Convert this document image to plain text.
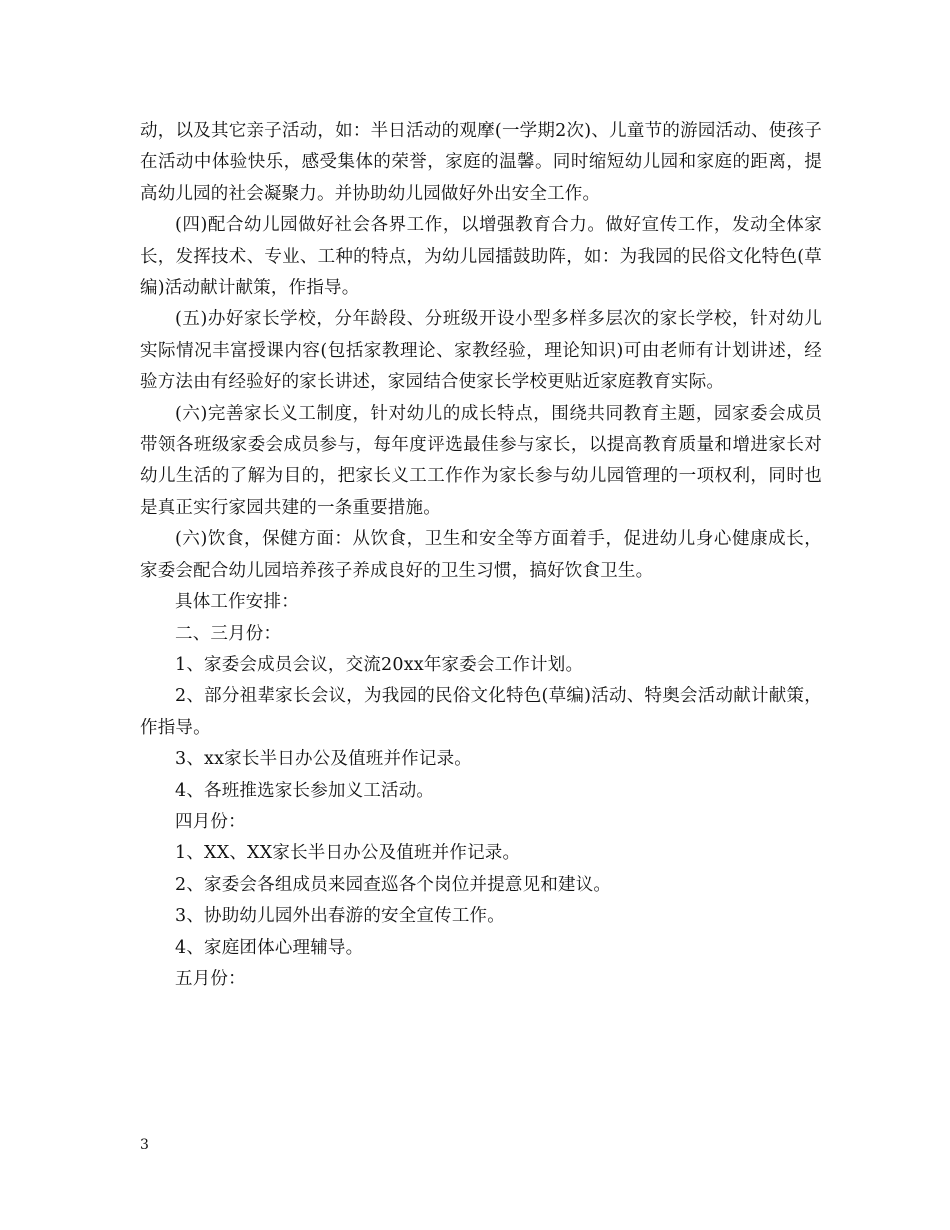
动，以及其它亲子活动，如：半日活动的观摩(一学期2次)、儿童节的游园活动、使孩子在活动中体验快乐，感受集体的荣誉，家庭的温馨。同时缩短幼儿园和家庭的距离，提高幼儿园的社会凝聚力。并协助幼儿园做好外出安全工作。

(四)配合幼儿园做好社会各界工作，以增强教育合力。做好宣传工作，发动全体家长，发挥技术、专业、工种的特点，为幼儿园擂鼓助阵，如：为我园的民俗文化特色(草编)活动献计献策，作指导。

(五)办好家长学校，分年龄段、分班级开设小型多样多层次的家长学校，针对幼儿实际情况丰富授课内容(包括家教理论、家教经验，理论知识)可由老师有计划讲述，经验方法由有经验好的家长讲述，家园结合使家长学校更贴近家庭教育实际。

(六)完善家长义工制度，针对幼儿的成长特点，围绕共同教育主题，园家委会成员带领各班级家委会成员参与，每年度评选最佳参与家长，以提高教育质量和增进家长对幼儿生活的了解为目的，把家长义工工作作为家长参与幼儿园管理的一项权利，同时也是真正实行家园共建的一条重要措施。

(六)饮食，保健方面：从饮食，卫生和安全等方面着手，促进幼儿身心健康成长，家委会配合幼儿园培养孩子养成良好的卫生习惯，搞好饮食卫生。

具体工作安排：

二、三月份：

1、家委会成员会议，交流20xx年家委会工作计划。

2、部分祖辈家长会议，为我园的民俗文化特色(草编)活动、特奥会活动献计献策，作指导。

3、xx家长半日办公及值班并作记录。

4、各班推选家长参加义工活动。

四月份：

1、XX、XX家长半日办公及值班并作记录。

2、家委会各组成员来园查巡各个岗位并提意见和建议。

3、协助幼儿园外出春游的安全宣传工作。

4、家庭团体心理辅导。

五月份：

3
